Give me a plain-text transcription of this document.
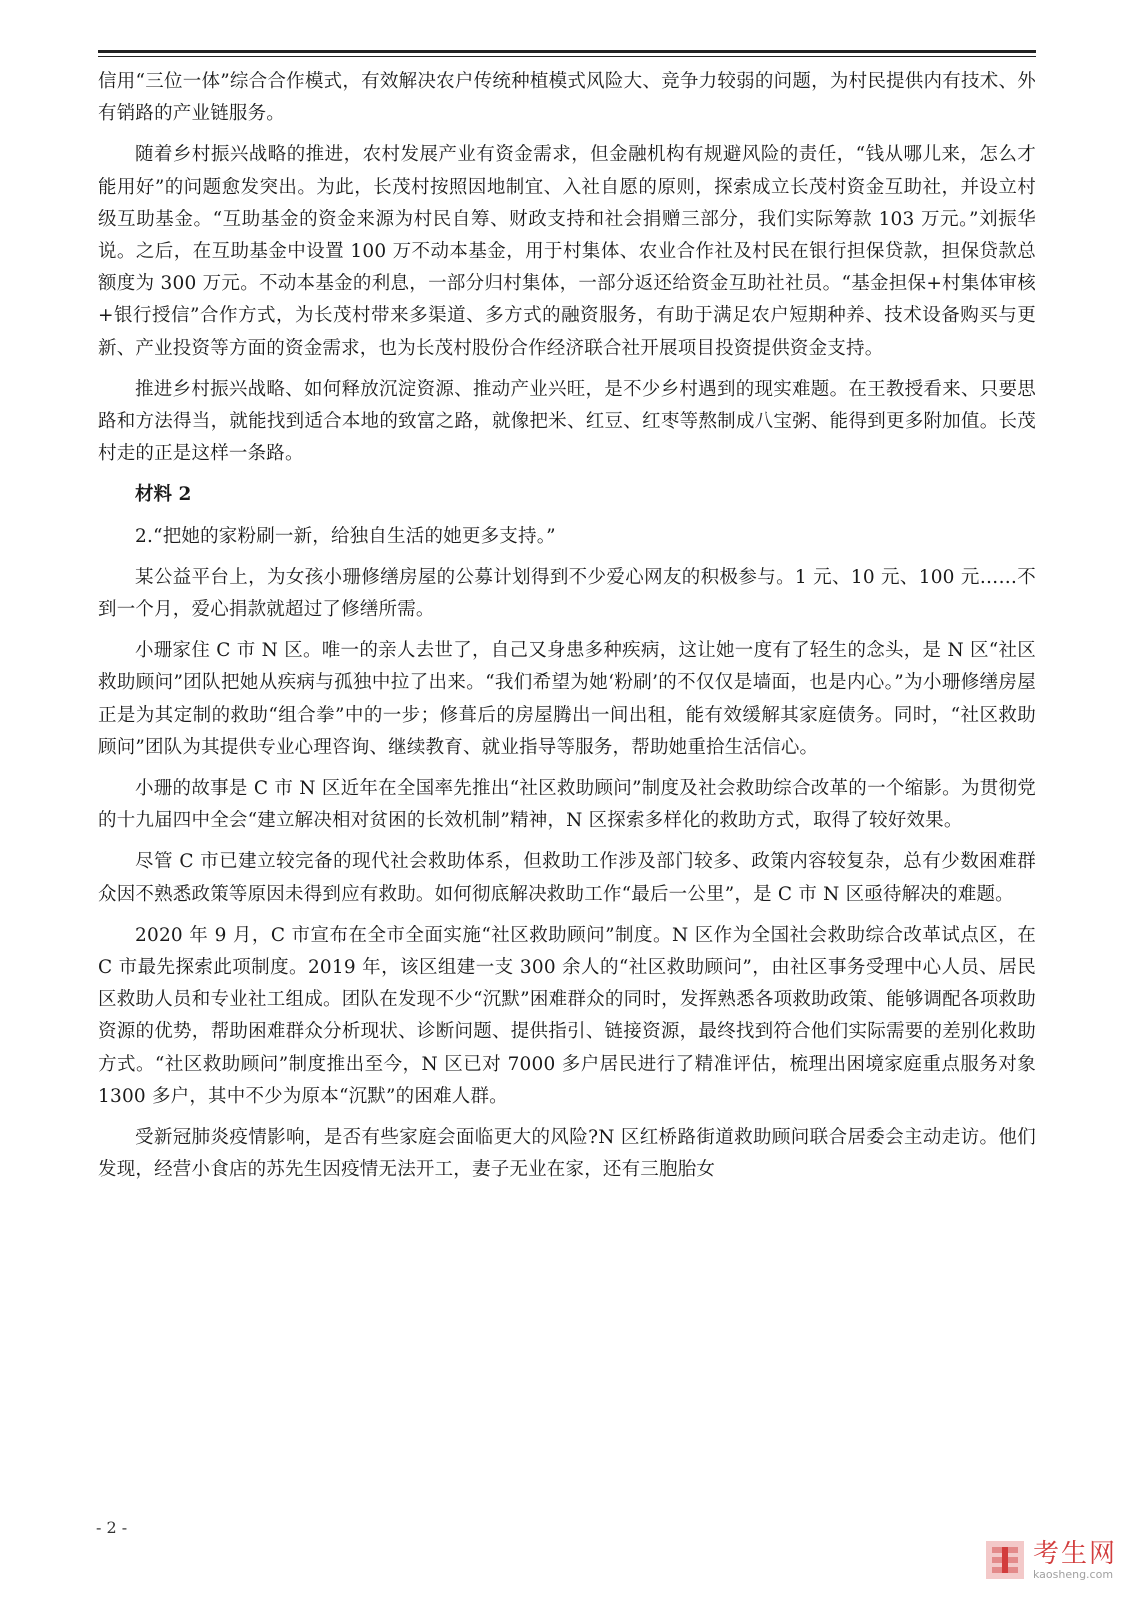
信用“三位一体”综合合作模式，有效解决农户传统种植模式风险大、竞争力较弱的问题，为村民提供内有技术、外有销路的产业链服务。

随着乡村振兴战略的推进，农村发展产业有资金需求，但金融机构有规避风险的责任，“钱从哪儿来，怎么才能用好”的问题愈发突出。为此，长茂村按照因地制宜、入社自愿的原则，探索成立长茂村资金互助社，并设立村级互助基金。“互助基金的资金来源为村民自筹、财政支持和社会捐赠三部分，我们实际筹款 103 万元。”刘振华说。之后，在互助基金中设置 100 万不动本基金，用于村集体、农业合作社及村民在银行担保贷款，担保贷款总额度为 300 万元。不动本基金的利息，一部分归村集体，一部分返还给资金互助社社员。“基金担保+村集体审核+银行授信”合作方式，为长茂村带来多渠道、多方式的融资服务，有助于满足农户短期种养、技术设备购买与更新、产业投资等方面的资金需求，也为长茂村股份合作经济联合社开展项目投资提供资金支持。

推进乡村振兴战略、如何释放沉淀资源、推动产业兴旺，是不少乡村遇到的现实难题。在王教授看来、只要思路和方法得当，就能找到适合本地的致富之路，就像把米、红豆、红枣等熬制成八宝粥、能得到更多附加值。长茂村走的正是这样一条路。

材料 2

2.“把她的家粉刷一新，给独自生活的她更多支持。”

某公益平台上，为女孩小珊修缮房屋的公募计划得到不少爱心网友的积极参与。1 元、10 元、100 元……不到一个月，爱心捐款就超过了修缮所需。

小珊家住 C 市 N 区。唯一的亲人去世了，自己又身患多种疾病，这让她一度有了轻生的念头，是 N 区“社区救助顾问”团队把她从疾病与孤独中拉了出来。“我们希望为她‘粉刷’的不仅仅是墙面，也是内心。”为小珊修缮房屋正是为其定制的救助“组合拳”中的一步；修葺后的房屋腾出一间出租，能有效缓解其家庭债务。同时，“社区救助顾问”团队为其提供专业心理咨询、继续教育、就业指导等服务，帮助她重拾生活信心。

小珊的故事是 C 市 N 区近年在全国率先推出“社区救助顾问”制度及社会救助综合改革的一个缩影。为贯彻党的十九届四中全会“建立解决相对贫困的长效机制”精神，N 区探索多样化的救助方式，取得了较好效果。

尽管 C 市已建立较完备的现代社会救助体系，但救助工作涉及部门较多、政策内容较复杂，总有少数困难群众因不熟悉政策等原因未得到应有救助。如何彻底解决救助工作“最后一公里”，是 C 市 N 区亟待解决的难题。

2020 年 9 月，C 市宣布在全市全面实施“社区救助顾问”制度。N 区作为全国社会救助综合改革试点区，在 C 市最先探索此项制度。2019 年，该区组建一支 300 余人的“社区救助顾问”，由社区事务受理中心人员、居民区救助人员和专业社工组成。团队在发现不少“沉默”困难群众的同时，发挥熟悉各项救助政策、能够调配各项救助资源的优势，帮助困难群众分析现状、诊断问题、提供指引、链接资源，最终找到符合他们实际需要的差别化救助方式。“社区救助顾问”制度推出至今，N 区已对 7000 多户居民进行了精准评估，梳理出困境家庭重点服务对象 1300 多户，其中不少为原本“沉默”的困难人群。

受新冠肺炎疫情影响，是否有些家庭会面临更大的风险?N 区红桥路街道救助顾问联合居委会主动走访。他们发现，经营小食店的苏先生因疫情无法开工，妻子无业在家，还有三胞胎女

- 2 -
考生网
kaosheng.com
